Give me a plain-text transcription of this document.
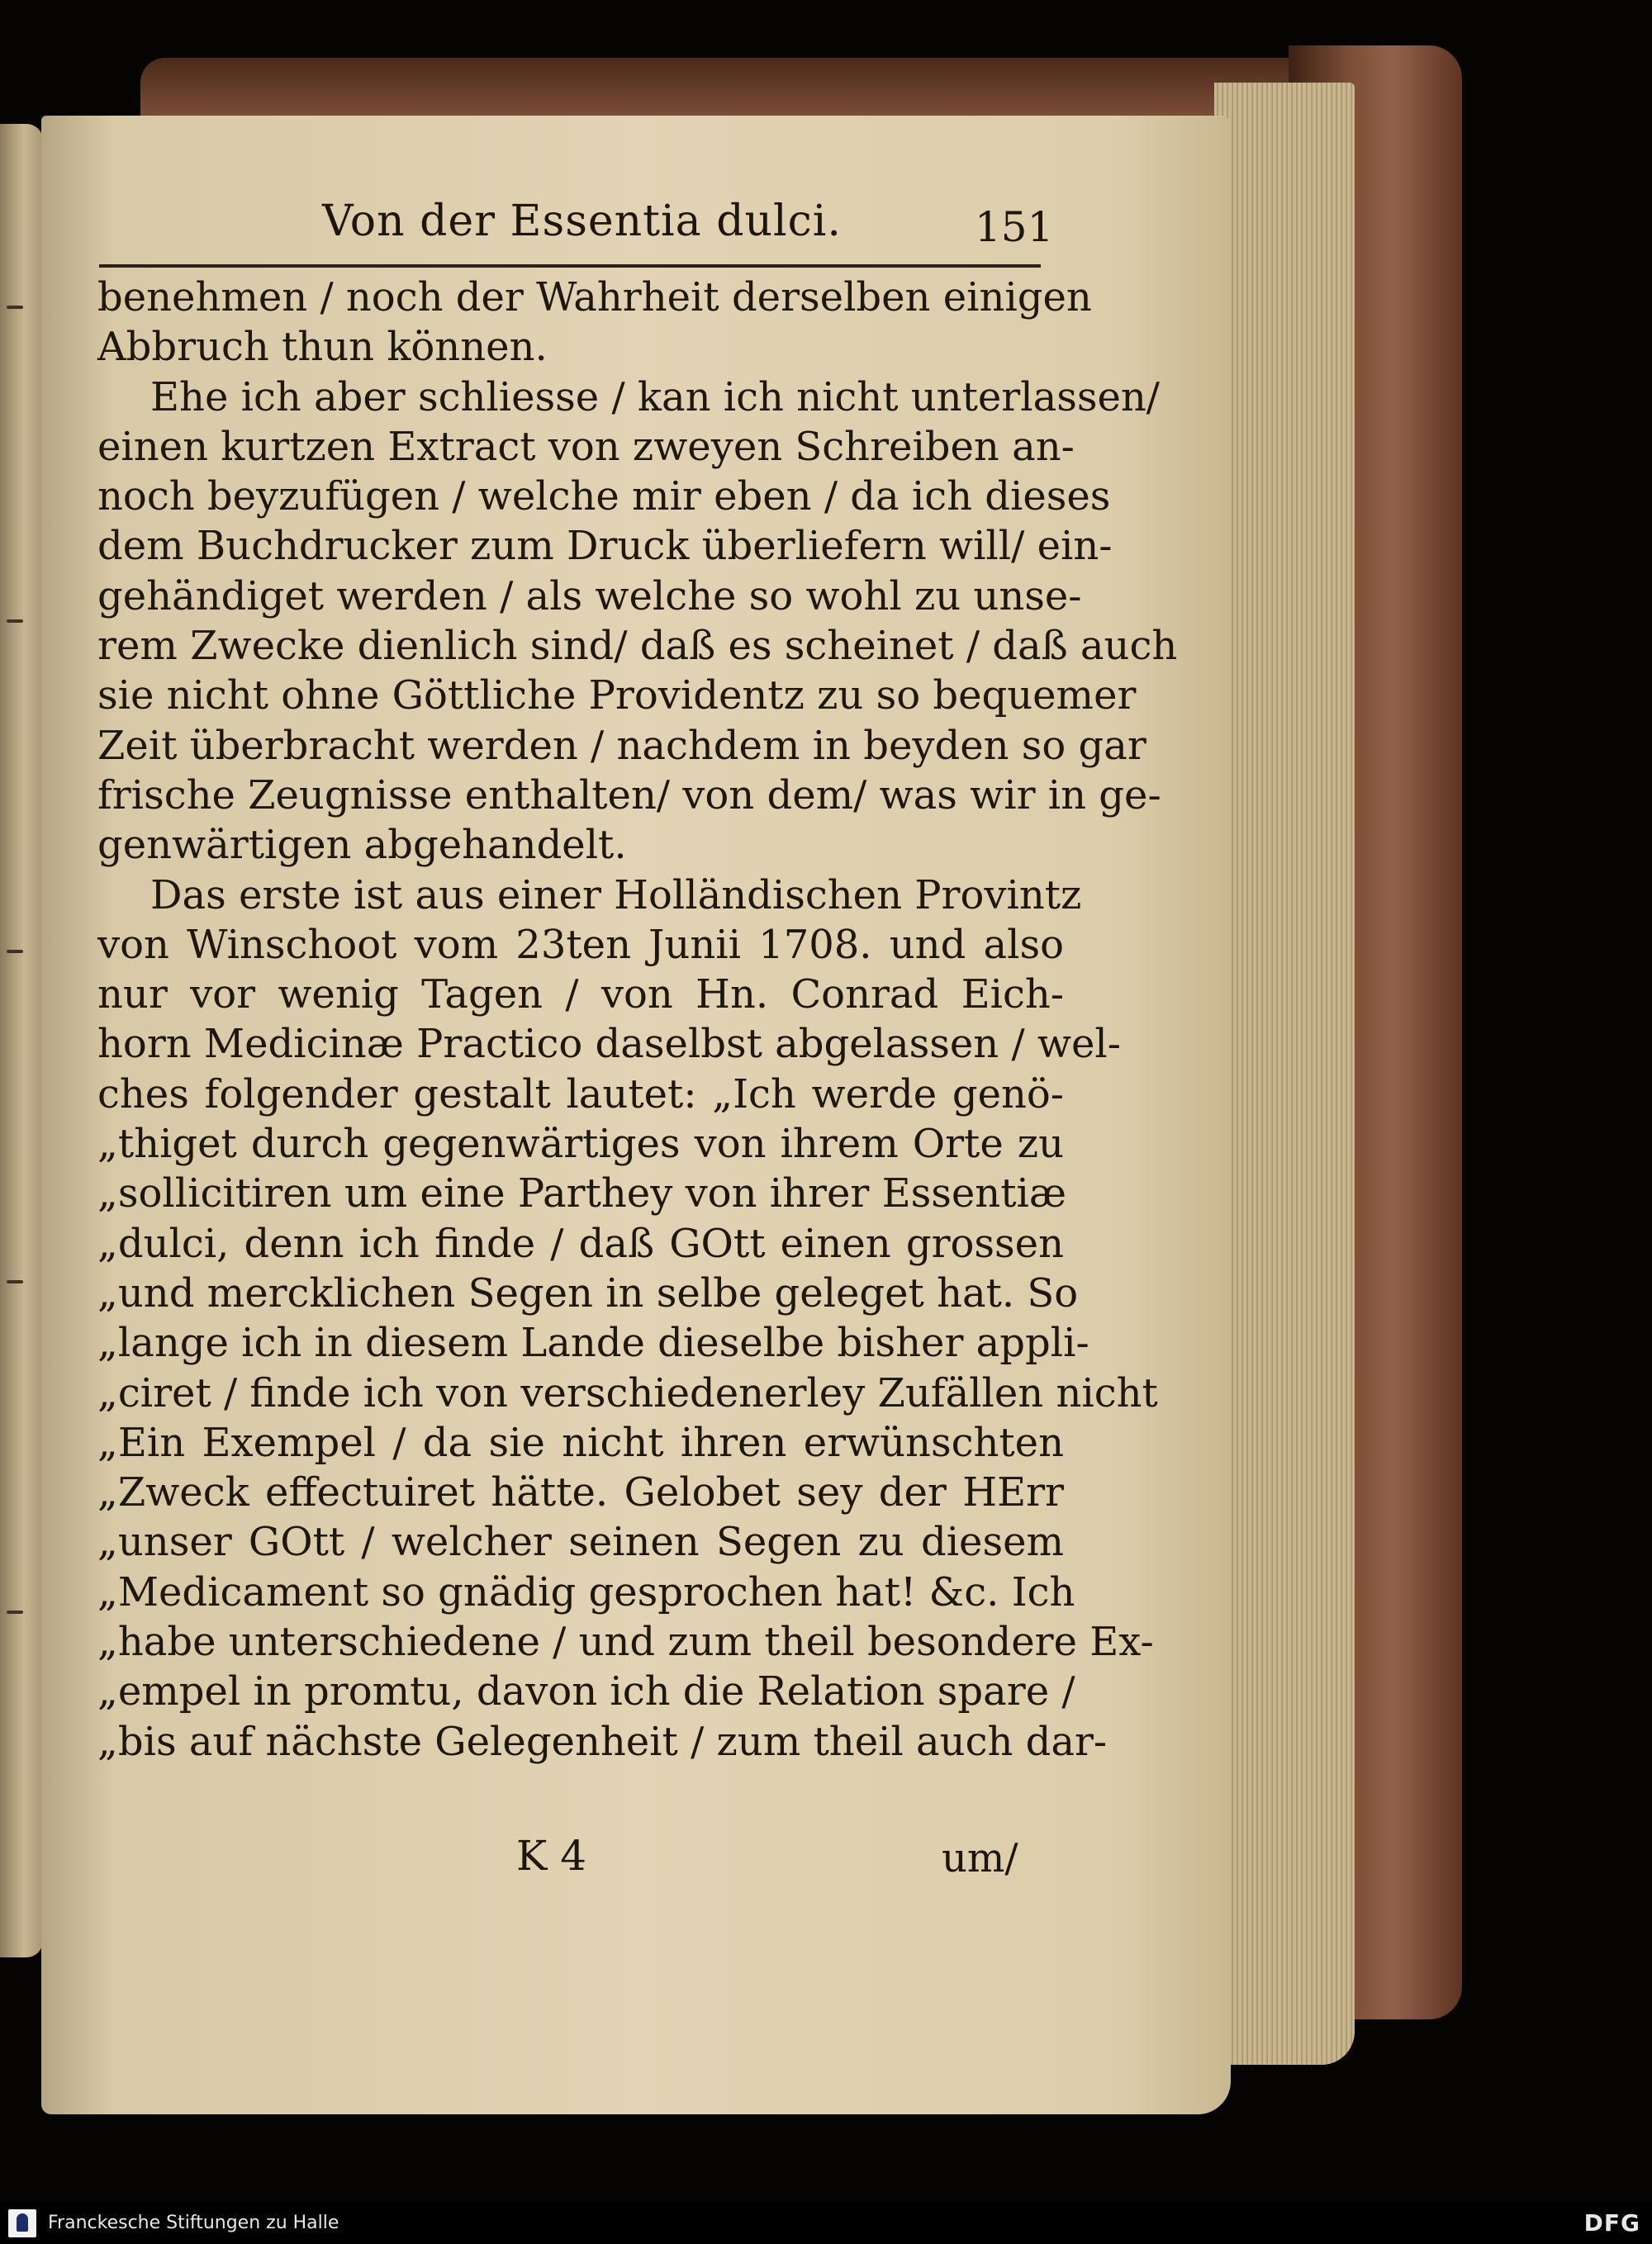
Von der Essentia dulci.	151
benehmen / noch der Wahrheit derselben einigen
Abbruch thun können.
Ehe ich aber schliesse / kan ich nicht unterlassen/
einen kurtzen Extract von zweyen Schreiben an-
noch beyzufügen / welche mir eben / da ich dieses
dem Buchdrucker zum Druck überliefern will/ ein-
gehändiget werden / als welche so wohl zu unse-
rem Zwecke dienlich sind/ daß es scheinet / daß auch
sie nicht ohne Göttliche Providentz zu so bequemer
Zeit überbracht werden / nachdem in beyden so gar
frische Zeugnisse enthalten/ von dem/ was wir in ge-
genwärtigen abgehandelt.
Das erste ist aus einer Holländischen Provintz
von Winschoot vom 23ten Junii 1708. und also
nur vor wenig Tagen / von Hn. Conrad Eich-
horn Medicinæ Practico daselbst abgelassen / wel-
ches folgender gestalt lautet: „Ich werde genö-
„thiget durch gegenwärtiges von ihrem Orte zu
„sollicitiren um eine Parthey von ihrer Essentiæ
„dulci, denn ich finde / daß GOtt einen grossen
„und mercklichen Segen in selbe geleget hat. So
„lange ich in diesem Lande dieselbe bisher appli-
„ciret / finde ich von verschiedenerley Zufällen nicht
„Ein Exempel / da sie nicht ihren erwünschten
„Zweck effectuiret hätte. Gelobet sey der HErr
„unser GOtt / welcher seinen Segen zu diesem
„Medicament so gnädig gesprochen hat! &c. Ich
„habe unterschiedene / und zum theil besondere Ex-
„empel in promtu, davon ich die Relation spare /
„bis auf nächste Gelegenheit / zum theil auch dar-
K 4	um/
Franckesche Stiftungen zu Halle	DFG
